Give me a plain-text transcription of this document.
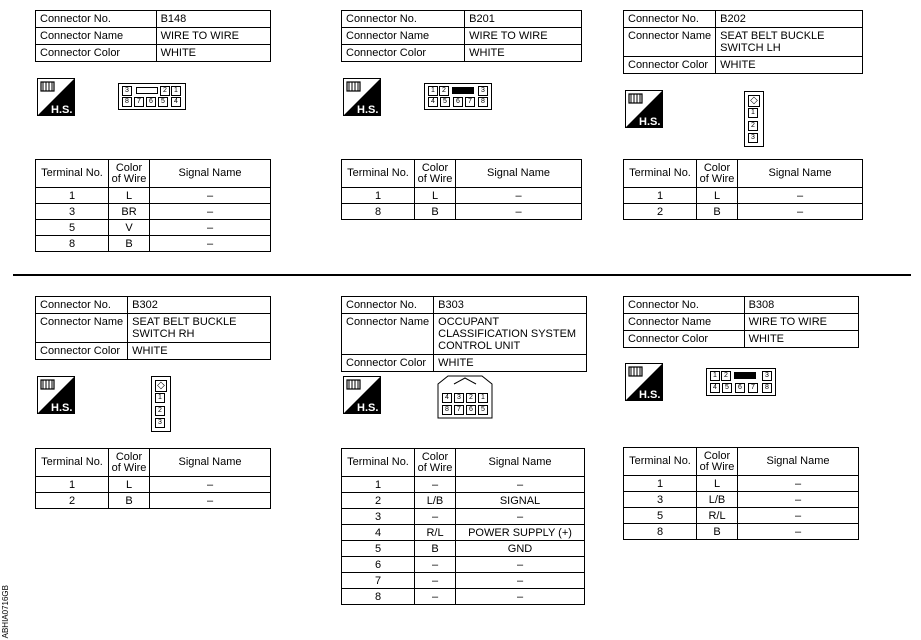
Connector No.	B148
Connector Name	WIRE TO WIRE
Connector Color	WHITE
Connector No.	B201
Connector Name	WIRE TO WIRE
Connector Color	WHITE
Connector No.	B202
Connector Name	SEAT BELT BUCKLE SWITCH LH
Connector Color	WHITE
Connector No.	B302
Connector Name	SEAT BELT BUCKLE SWITCH RH
Connector Color	WHITE
Connector No.	B303
Connector Name	OCCUPANT CLASSIFICATION SYSTEM CONTROL UNIT
Connector Color	WHITE
Connector No.	B308
Connector Name	WIRE TO WIRE
Connector Color	WHITE
H.S.	H.S.
H.S.
H.S.	H.S.
H.S.
3	2	1
8	7	6	5	4
1	2	3
4	5	6	7	8	◇
1
2
3
◇
1
2
3
4	3	2	1
8	7	6	5
1	2	3
4	5	6	7	8
Terminal No.	Color of Wire	Signal Name
1	L	–
3	BR	–
5	V	–
8	B	–
Terminal No.	Color of Wire	Signal Name
1	L	–
8	B	–
Terminal No.	Color of Wire	Signal Name
1	L	–
2	B	–
Terminal No.	Color of Wire	Signal Name
1	L	–
2	B	–
Terminal No.	Color of Wire	Signal Name
1	–	–
2	L/B	SIGNAL
3	–	–
4	R/L	POWER SUPPLY (+)
5	B	GND
6	–	–
7	–	–
8	–	–
Terminal No.	Color of Wire	Signal Name
1	L	–
3	L/B	–
5	R/L	–
8	B	–
ABHIA0716GB
